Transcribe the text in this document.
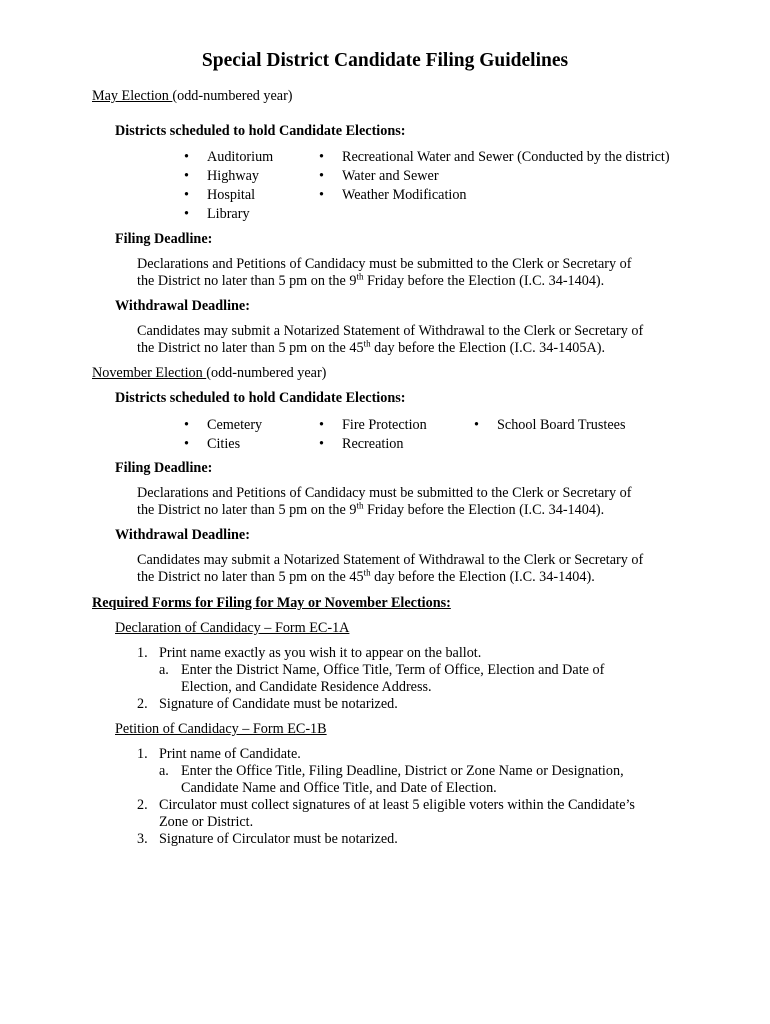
Special District Candidate Filing Guidelines
May Election (odd-numbered year)
Districts scheduled to hold Candidate Elections:
• Auditorium
• Highway
• Hospital
• Library
• Recreational Water and Sewer (Conducted by the district)
• Water and Sewer
• Weather Modification
Filing Deadline:
Declarations and Petitions of Candidacy must be submitted to the Clerk or Secretary of
the District no later than 5 pm on the 9th Friday before the Election (I.C. 34-1404).
Withdrawal Deadline:
Candidates may submit a Notarized Statement of Withdrawal to the Clerk or Secretary of
the District no later than 5 pm on the 45th day before the Election (I.C. 34-1405A).
November Election (odd-numbered year)
Districts scheduled to hold Candidate Elections:
• Cemetery
• Cities
• Fire Protection
• Recreation
• School Board Trustees
Filing Deadline:
Declarations and Petitions of Candidacy must be submitted to the Clerk or Secretary of
the District no later than 5 pm on the 9th Friday before the Election (I.C. 34-1404).
Withdrawal Deadline:
Candidates may submit a Notarized Statement of Withdrawal to the Clerk or Secretary of
the District no later than 5 pm on the 45th day before the Election (I.C. 34-1404).
Required Forms for Filing for May or November Elections:
Declaration of Candidacy – Form EC-1A
1. Print name exactly as you wish it to appear on the ballot.
a. Enter the District Name, Office Title, Term of Office, Election and Date of
Election, and Candidate Residence Address.
2. Signature of Candidate must be notarized.
Petition of Candidacy – Form EC-1B
1. Print name of Candidate.
a. Enter the Office Title, Filing Deadline, District or Zone Name or Designation,
Candidate Name and Office Title, and Date of Election.
2. Circulator must collect signatures of at least 5 eligible voters within the Candidate’s
Zone or District.
3. Signature of Circulator must be notarized.
